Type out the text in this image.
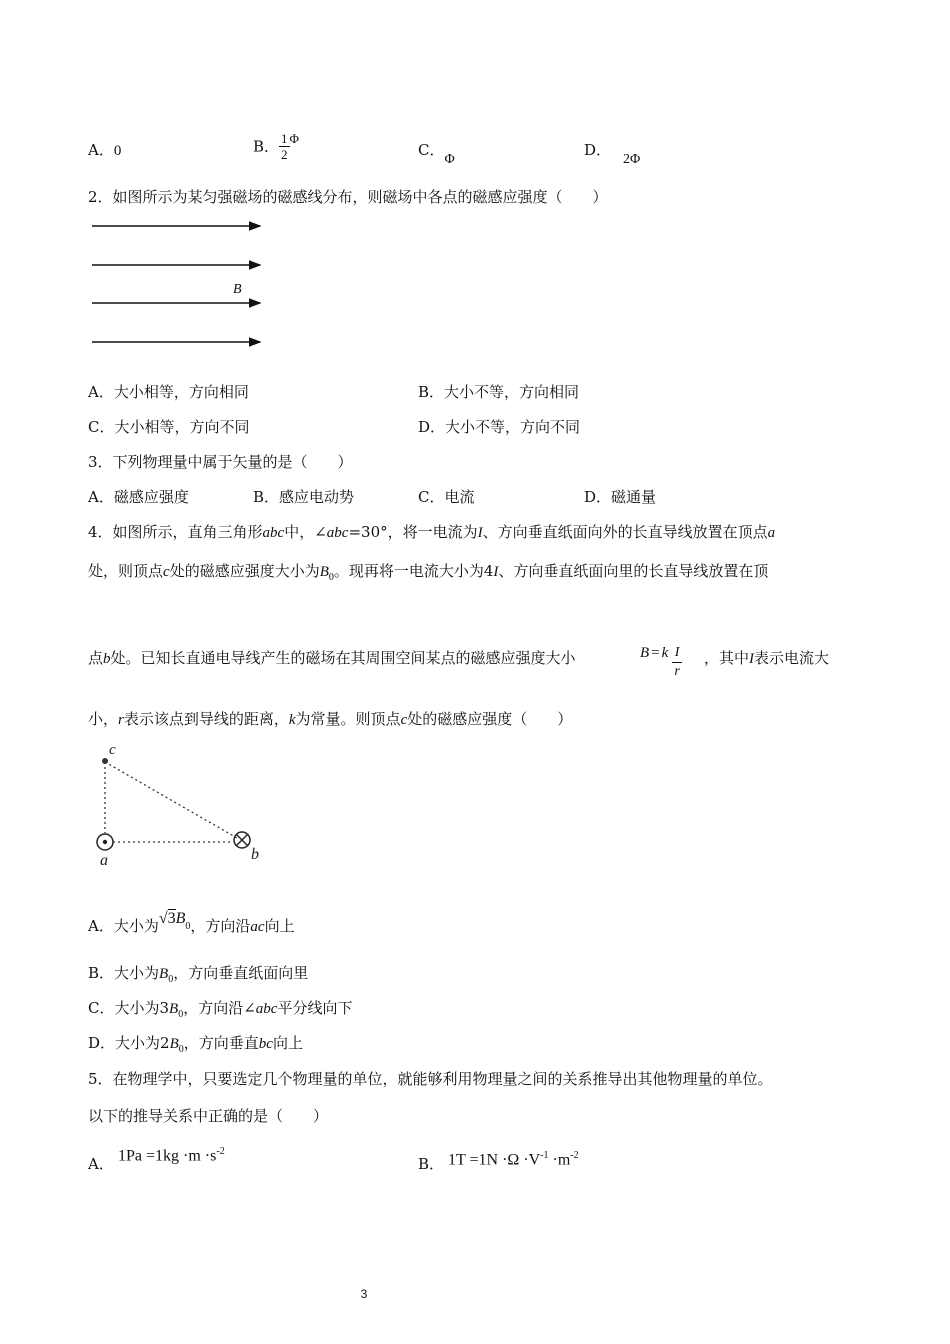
A．0	B． $\frac{1}{2}$ Φ
C．Φ
D．2Φ
2．如图所示为某匀强磁场的磁感线分布，则磁场中各点的磁感应强度（　　）
B
A．大小相等，方向相同	B．大小不等，方向相同
C．大小相等，方向不同	D．大小不等，方向不同
3．下列物理量中属于矢量的是（　　）
A．磁感应强度	B．感应电动势	C．电流	D．磁通量
4．如图所示，直角三角形abc中，∠abc=30°，将一电流为I、方向垂直纸面向外的长直导线放置在顶点a
处，则顶点c处的磁感应强度大小为$B_0$。现再将一电流大小为4I、方向垂直纸面向里的长直导线放置在顶
点b处。已知长直通电导线产生的磁场在其周围空间某点的磁感应强度大小	B = k $\frac{I}{r}$ ，其中I表示电流大
小，r表示该点到导线的距离，k为常量。则顶点c处的磁感应强度（　　）
c
a	b
A．大小为$√3B_0$，方向沿ac向上
B．大小为$B_0$，方向垂直纸面向里
C．大小为$3B_0$，方向沿∠abc平分线向下
D．大小为$2B_0$，方向垂直bc向上
5．在物理学中，只要选定几个物理量的单位，就能够利用物理量之间的关系推导出其他物理量的单位。
以下的推导关系中正确的是（　　）
A． $1Pa =1kg \cdot m \cdot s^{-2}$
B． $1T =1N \cdot\Omega \cdot V^{-1} \cdot m^{-2}$
3
